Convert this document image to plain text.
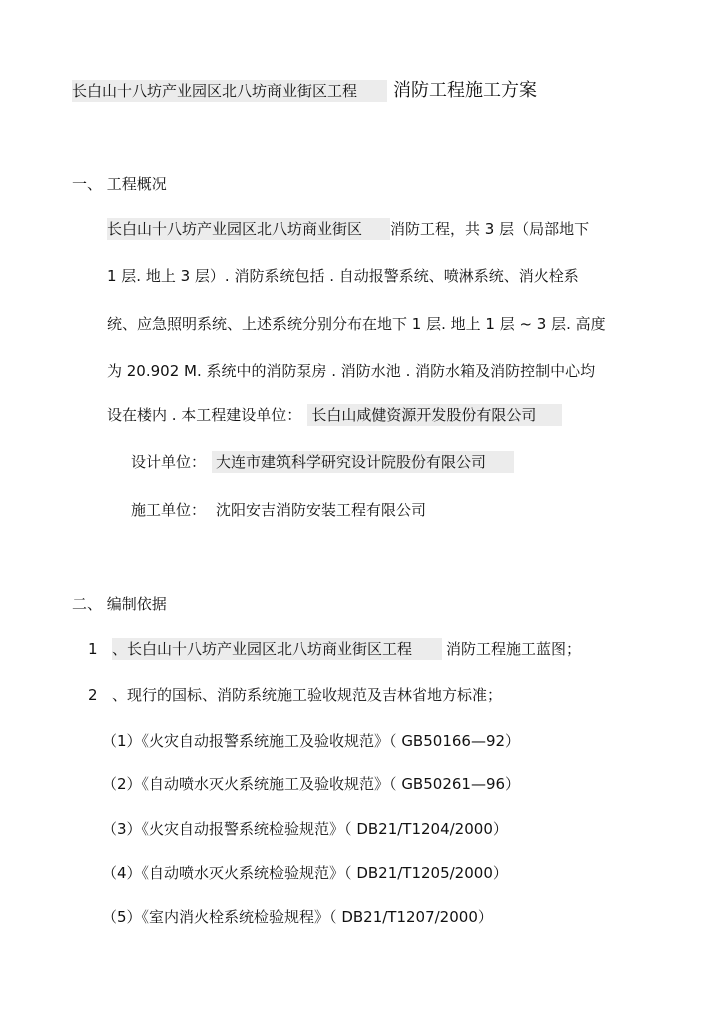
长白山十八坊产业园区北八坊商业街区工程 消防工程施工方案
一、 工程概况
长白山十八坊产业园区北八坊商业街区 消防工程，共 3 层（局部地下
1 层. 地上 3 层）. 消防系统包括 . 自动报警系统、喷淋系统、消火栓系
统、应急照明系统、上述系统分别分布在地下 1 层. 地上 1 层 ~ 3 层. 高度
为 20.902 M. 系统中的消防泵房 . 消防水池 . 消防水箱及消防控制中心均
设在楼内 . 本工程建设单位： 长白山咸健资源开发股份有限公司
设计单位： 大连市建筑科学研究设计院股份有限公司
施工单位： 沈阳安吉消防安装工程有限公司
二、 编制依据
1 、长白山十八坊产业园区北八坊商业街区工程 消防工程施工蓝图；
2 、现行的国标、消防系统施工验收规范及吉林省地方标准；
（1）《火灾自动报警系统施工及验收规范》（ GB50166—92）
（2）《自动喷水灭火系统施工及验收规范》（ GB50261—96）
（3）《火灾自动报警系统检验规范》（ DB21/T1204/2000）
（4）《自动喷水灭火系统检验规范》（ DB21/T1205/2000）
（5）《室内消火栓系统检验规程》（ DB21/T1207/2000）
